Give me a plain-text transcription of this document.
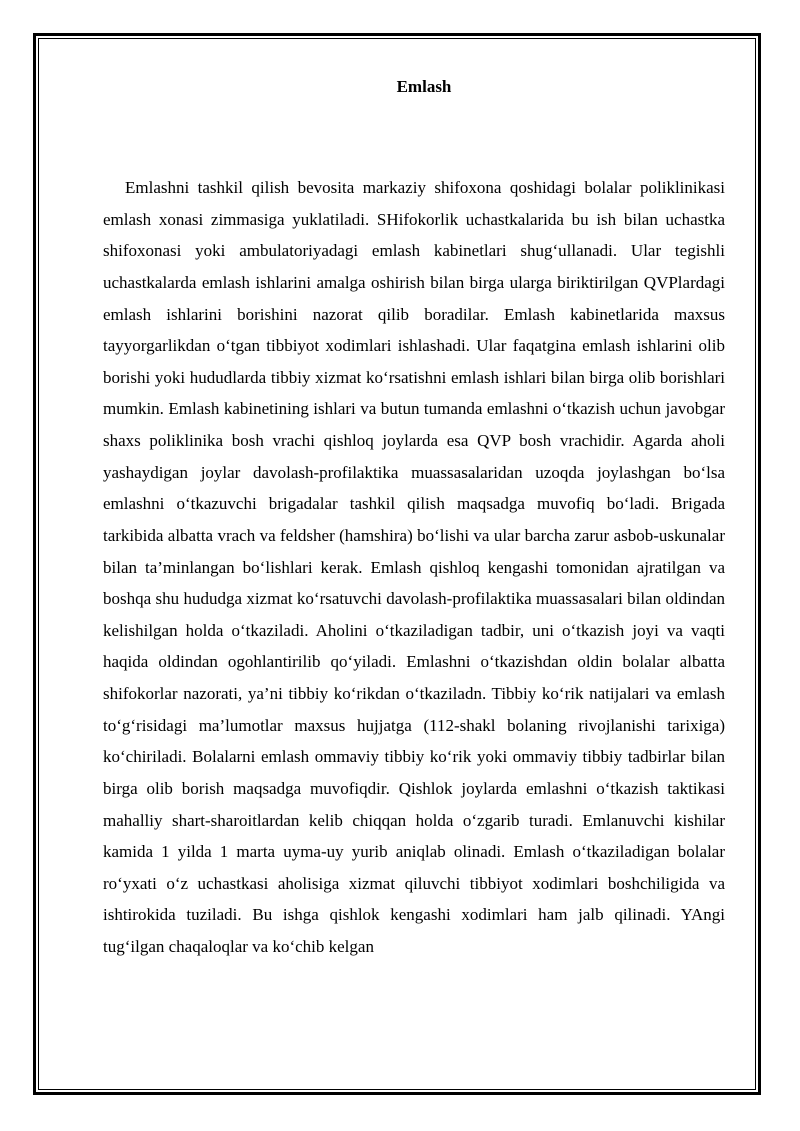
Emlash

Emlashni tashkil qilish bevosita markaziy shifoxona qoshidagi bolalar poliklinikasi emlash xonasi zimmasiga yuklatiladi. SHifokorlik uchastkalarida bu ish bilan uchastka shifoxonasi yoki ambulatoriyadagi emlash kabinetlari shug‘ullanadi. Ular tegishli uchastkalarda emlash ishlarini amalga oshirish bilan birga ularga biriktirilgan QVPlardagi emlash ishlarini borishini nazorat qilib boradilar. Emlash kabinetlarida maxsus tayyorgarlikdan o‘tgan tibbiyot xodimlari ishlashadi. Ular faqatgina emlash ishlarini olib borishi yoki hududlarda tibbiy xizmat ko‘rsatishni emlash ishlari bilan birga olib borishlari mumkin. Emlash kabinetining ishlari va butun tumanda emlashni o‘tkazish uchun javobgar shaxs poliklinika bosh vrachi qishloq joylarda esa QVP bosh vrachidir. Agarda aholi yashaydigan joylar davolash-profilaktika muassasalaridan uzoqda joylashgan bo‘lsa emlashni o‘tkazuvchi brigadalar tashkil qilish maqsadga muvofiq bo‘ladi. Brigada tarkibida albatta vrach va feldsher (hamshira) bo‘lishi va ular barcha zarur asbob-uskunalar bilan ta’minlangan bo‘lishlari kerak. Emlash qishloq kengashi tomonidan ajratilgan va boshqa shu hududga xizmat ko‘rsatuvchi davolash-profilaktika muassasalari bilan oldindan kelishilgan holda o‘tkaziladi. Aholini o‘tkaziladigan tadbir, uni o‘tkazish joyi va vaqti haqida oldindan ogohlantirilib qo‘yiladi. Emlashni o‘tkazishdan oldin bolalar albatta shifokorlar nazorati, ya’ni tibbiy ko‘rikdan o‘tkaziladn. Tibbiy ko‘rik natijalari va emlash to‘g‘risidagi ma’lumotlar maxsus hujjatga (112-shakl bolaning rivojlanishi tarixiga) ko‘chiriladi. Bolalarni emlash ommaviy tibbiy ko‘rik yoki ommaviy tibbiy tadbirlar bilan birga olib borish maqsadga muvofiqdir. Qishlok joylarda emlashni o‘tkazish taktikasi mahalliy shart-sharoitlardan kelib chiqqan holda o‘zgarib turadi. Emlanuvchi kishilar kamida 1 yilda 1 marta uyma-uy yurib aniqlab olinadi. Emlash o‘tkaziladigan bolalar ro‘yxati o‘z uchastkasi aholisiga xizmat qiluvchi tibbiyot xodimlari boshchiligida va ishtirokida tuziladi. Bu ishga qishlok kengashi xodimlari ham jalb qilinadi. YAngi tug‘ilgan chaqaloqlar va ko‘chib kelgan
